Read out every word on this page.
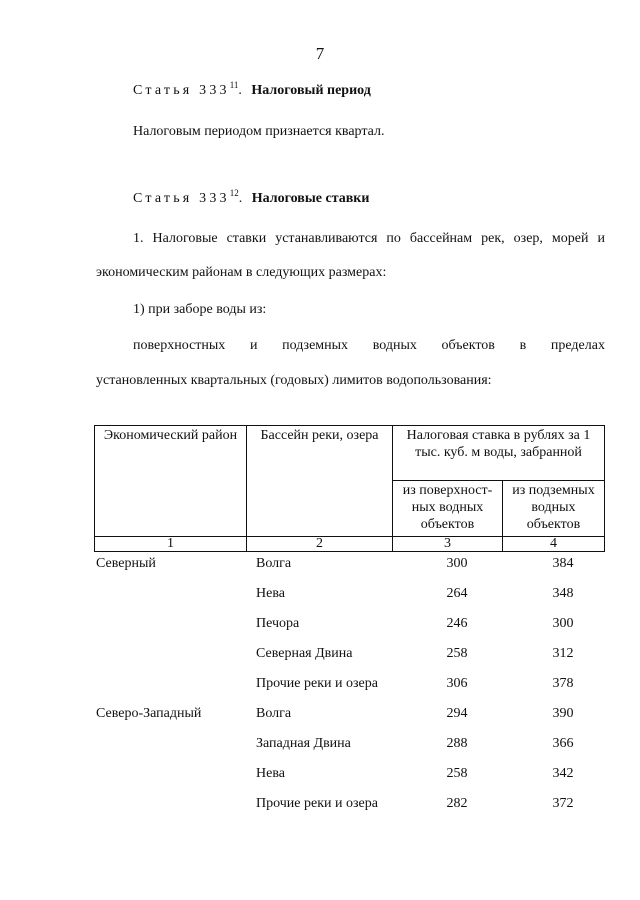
7
Статья $333^{11}$. Налоговый период
Налоговым периодом признается квартал.
Статья $333^{12}$. Налоговые ставки
1. Налоговые ставки устанавливаются по бассейнам рек, озер, морей и
экономическим районам в следующих размерах:
1) при заборе воды из:
поверхностных и подземных водных объектов в пределах
установленных квартальных (годовых) лимитов водопользования:
Экономический район	Бассейн реки, озера	Налоговая ставка в рублях за 1 тыс. куб. м воды, забранной	
		из поверхност-ных водных объектов	из подземных водных объектов
1	2	3	4
Северный	Волга	300	384
	Нева	264	348
	Печора	246	300
	Северная Двина	258	312
	Прочие реки и озера	306	378
Северо-Западный	Волга	294	390
	Западная Двина	288	366
	Нева	258	342
	Прочие реки и озера	282	372
